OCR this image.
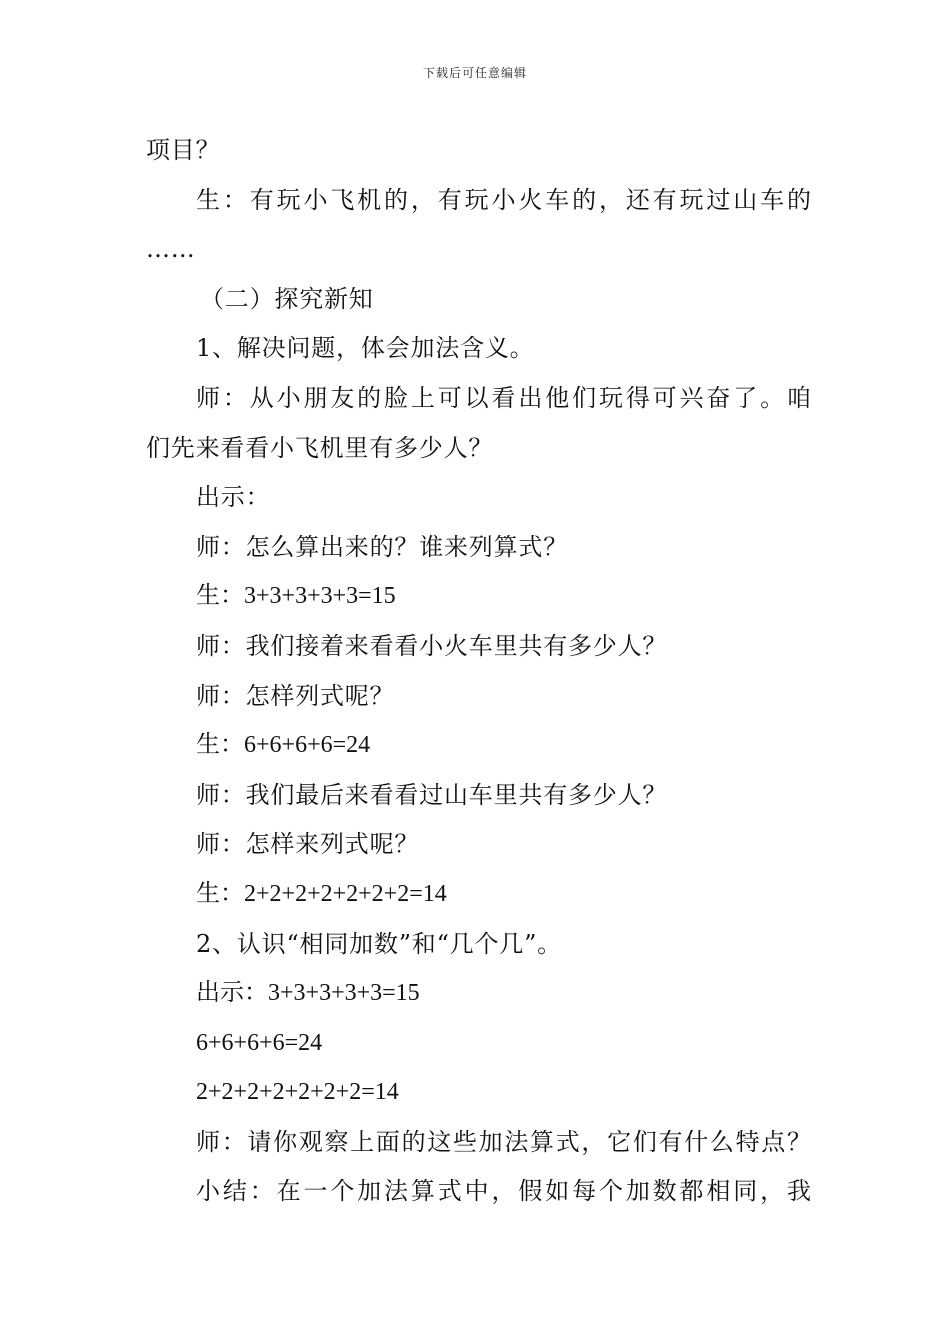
下载后可任意编辑
项目？
生：有玩小飞机的，有玩小火车的，还有玩过山车的
……
（二）探究新知
1、解决问题，体会加法含义。
师：从小朋友的脸上可以看出他们玩得可兴奋了。咱
们先来看看小飞机里有多少人？
出示：
师：怎么算出来的？谁来列算式？
生：3+3+3+3+3=15
师：我们接着来看看小火车里共有多少人？
师：怎样列式呢？
生：6+6+6+6=24
师：我们最后来看看过山车里共有多少人？
师：怎样来列式呢？
生：2+2+2+2+2+2+2=14
2、认识“相同加数”和“几个几”。
出示：3+3+3+3+3=15
6+6+6+6=24
2+2+2+2+2+2+2=14
师：请你观察上面的这些加法算式，它们有什么特点？
小结：在一个加法算式中，假如每个加数都相同，我
